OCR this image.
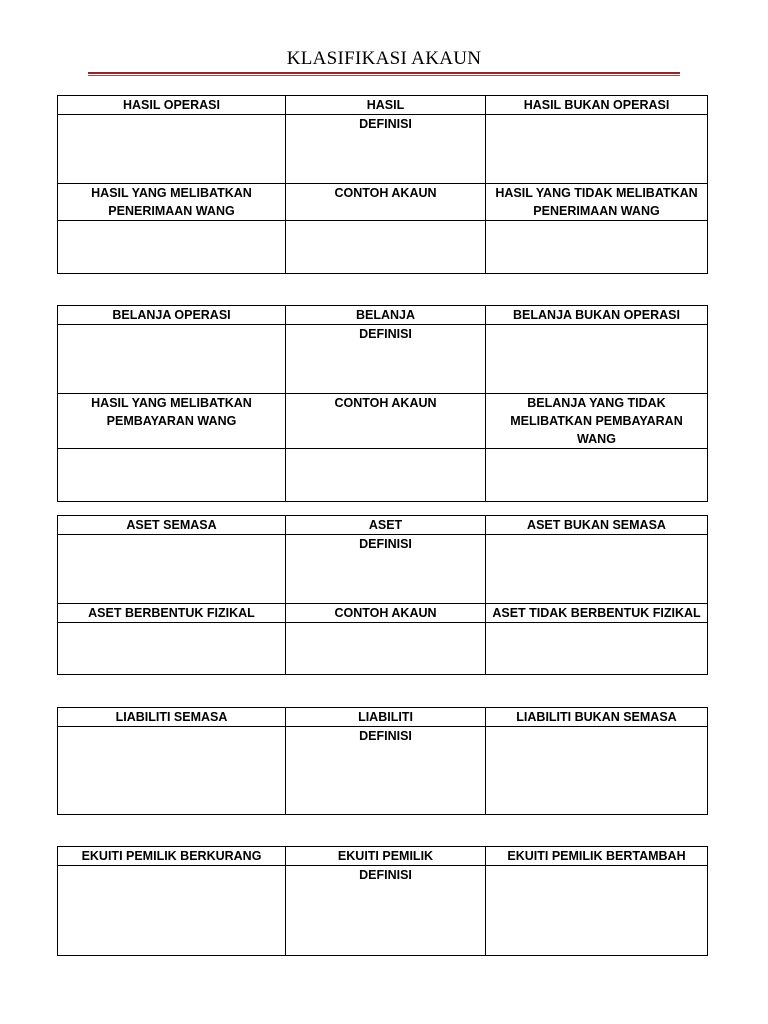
KLASIFIKASI AKAUN
HASIL OPERASI	HASIL	HASIL BUKAN OPERASI
	DEFINISI	
HASIL YANG MELIBATKAN PENERIMAAN WANG	CONTOH AKAUN	HASIL YANG TIDAK MELIBATKAN PENERIMAAN WANG

BELANJA OPERASI	BELANJA	BELANJA BUKAN OPERASI
	DEFINISI	
HASIL YANG MELIBATKAN PEMBAYARAN WANG	CONTOH AKAUN	BELANJA YANG TIDAK MELIBATKAN PEMBAYARAN WANG

ASET SEMASA	ASET	ASET BUKAN SEMASA
	DEFINISI	
ASET BERBENTUK FIZIKAL	CONTOH AKAUN	ASET TIDAK BERBENTUK FIZIKAL

LIABILITI SEMASA	LIABILITI	LIABILITI BUKAN SEMASA
	DEFINISI	
EKUITI PEMILIK BERKURANG	EKUITI PEMILIK	EKUITI PEMILIK BERTAMBAH
	DEFINISI	
